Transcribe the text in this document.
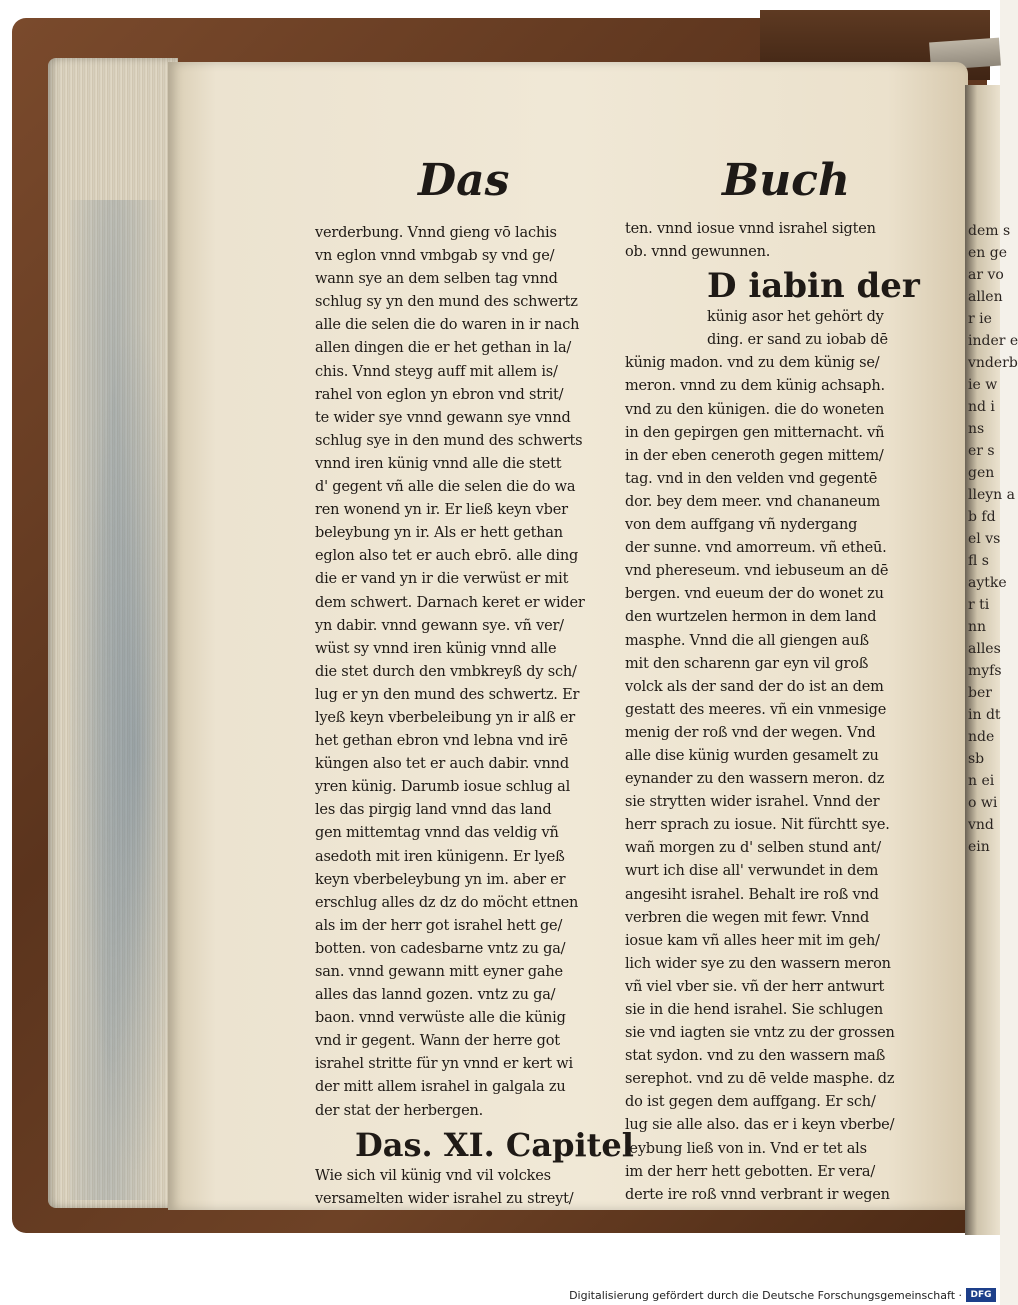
dem s
en ge
ar vo
allen
r ie
inder e
vnderb
ie w
nd i
ns
er s
gen
lleyn a
b fd
el vs
fl s
aytke
r ti
nn
alles
myfs
ber
in dt
nde
sb
n ei
o wi
vnd
ein
Das	Buch
verderbung. Vnnd gieng vō lachis
vn eglon vnnd vmbgab sy vnd ge/
wann sye an dem selben tag vnnd
schlug sy yn den mund des schwertz
alle die selen die do waren in ir nach
allen dingen die er het gethan in la/
chis. Vnnd steyg auff mit allem is/
rahel von eglon yn ebron vnd strit/
te wider sye vnnd gewann sye vnnd
schlug sye in den mund des schwerts
vnnd iren künig vnnd alle die stett
d' gegent vñ alle die selen die do wa
ren wonend yn ir. Er ließ keyn vber
beleybung yn ir. Als er hett gethan
eglon also tet er auch ebrō. alle ding
die er vand yn ir die verwüst er mit
dem schwert. Darnach keret er wider
yn dabir. vnnd gewann sye. vñ ver/
wüst sy vnnd iren künig vnnd alle
die stet durch den vmbkreyß dy sch/
lug er yn den mund des schwertz. Er
lyeß keyn vberbeleibung yn ir alß er
het gethan ebron vnd lebna vnd irē
küngen also tet er auch dabir. vnnd
yren künig. Darumb iosue schlug al
les das pirgig land vnnd das land
gen mittemtag vnnd das veldig vñ
asedoth mit iren künigenn. Er lyeß
keyn vberbeleybung yn im. aber er
erschlug alles dz dz do möcht ettnen
als im der herr got israhel hett ge/
botten. von cadesbarne vntz zu ga/
san. vnnd gewann mitt eyner gahe
alles das lannd gozen. vntz zu ga/
baon. vnnd verwüste alle die künig
vnd ir gegent. Wann der herre got
israhel stritte für yn vnnd er kert wi
der mitt allem israhel in galgala zu
der stat der herbergen.
Das. XI. Capitel
Wie sich vil künig vnd vil volckes
versamelten wider israhel zu streyt/
ten. vnnd iosue vnnd israhel sigten
ob. vnnd gewunnen.
D iabin der
künig asor het gehört dy
ding. er sand zu iobab dē
künig madon. vnd zu dem künig se/
meron. vnnd zu dem künig achsaph.
vnd zu den künigen. die do woneten
in den gepirgen gen mitternacht. vñ
in der eben ceneroth gegen mittem/
tag. vnd in den velden vnd gegentē
dor. bey dem meer. vnd chananeum
von dem auffgang vñ nydergang
der sunne. vnd amorreum. vñ etheū.
vnd phereseum. vnd iebuseum an dē
bergen. vnd eueum der do wonet zu
den wurtzelen hermon in dem land
masphe. Vnnd die all giengen auß
mit den scharenn gar eyn vil groß
volck als der sand der do ist an dem
gestatt des meeres. vñ ein vnmesige
menig der roß vnd der wegen. Vnd
alle dise künig wurden gesamelt zu
eynander zu den wassern meron. dz
sie strytten wider israhel. Vnnd der
herr sprach zu iosue. Nit fürchtt sye.
wañ morgen zu d' selben stund ant/
wurt ich dise all' verwundet in dem
angesiht israhel. Behalt ire roß vnd
verbren die wegen mit fewr. Vnnd
iosue kam vñ alles heer mit im geh/
lich wider sye zu den wassern meron
vñ viel vber sie. vñ der herr antwurt
sie in die hend israhel. Sie schlugen
sie vnd iagten sie vntz zu der grossen
stat sydon. vnd zu den wassern maß
serephot. vnd zu dē velde masphe. dz
do ist gegen dem auffgang. Er sch/
lug sie alle also. das er i keyn vberbe/
leybung ließ von in. Vnd er tet als
im der herr hett gebotten. Er vera/
derte ire roß vnnd verbrant ir wegen
Digitalisierung gefördert durch die Deutsche Forschungsgemeinschaft · DFG
